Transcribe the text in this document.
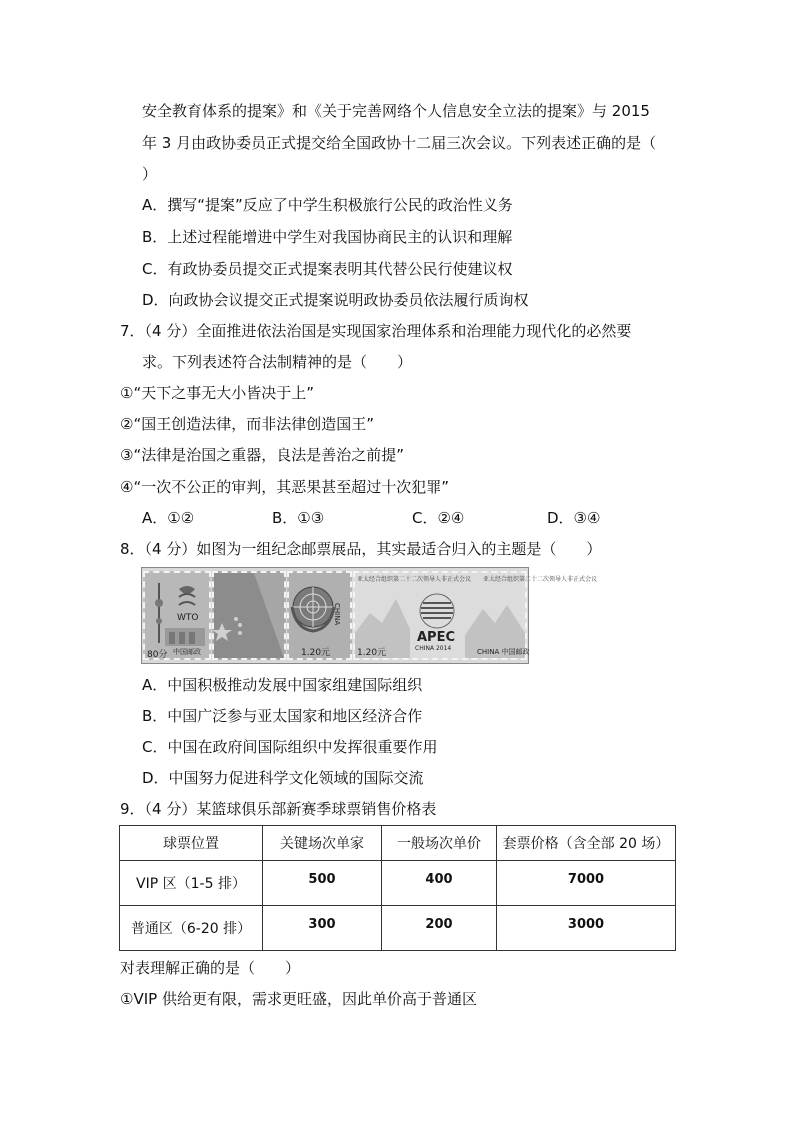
安全教育体系的提案》和《关于完善网络个人信息安全立法的提案》与 2015
年 3 月由政协委员正式提交给全国政协十二届三次会议。下列表述正确的是（
）
A．撰写“提案”反应了中学生积极旅行公民的政治性义务
B．上述过程能增进中学生对我国协商民主的认识和理解
C．有政协委员提交正式提案表明其代替公民行使建议权
D．向政协会议提交正式提案说明政协委员依法履行质询权
7．（4 分）全面推进依法治国是实现国家治理体系和治理能力现代化的必然要
求。下列表述符合法制精神的是（　　）
①“天下之事无大小皆决于上”
②“国王创造法律，而非法律创造国王”
③“法律是治国之重器，良法是善治之前提”
④“一次不公正的审判，其恶果甚至超过十次犯罪”
A．①②	B．①③	C．②④	D．③④
8．（4 分）如图为一组纪念邮票展品，其实最适合归入的主题是（　　）
WTO
80分 中国邮政
CHINA
1.20元
亚太经合组织第二十二次领导人非正式会议　　亚太经合组织第二十二次领导人非正式会议
APEC
CHINA 2014
1.20元	CHINA 中国邮政
A．中国积极推动发展中国家组建国际组织
B．中国广泛参与亚太国家和地区经济合作
C．中国在政府间国际组织中发挥很重要作用
D．中国努力促进科学文化领域的国际交流
9．（4 分）某篮球俱乐部新赛季球票销售价格表
球票位置	关键场次单家	一般场次单价	套票价格（含全部 20 场）
VIP 区（1-5 排）	500	400	7000
普通区（6-20 排）	300	200	3000
对表理解正确的是（　　）
①VIP 供给更有限，需求更旺盛，因此单价高于普通区
